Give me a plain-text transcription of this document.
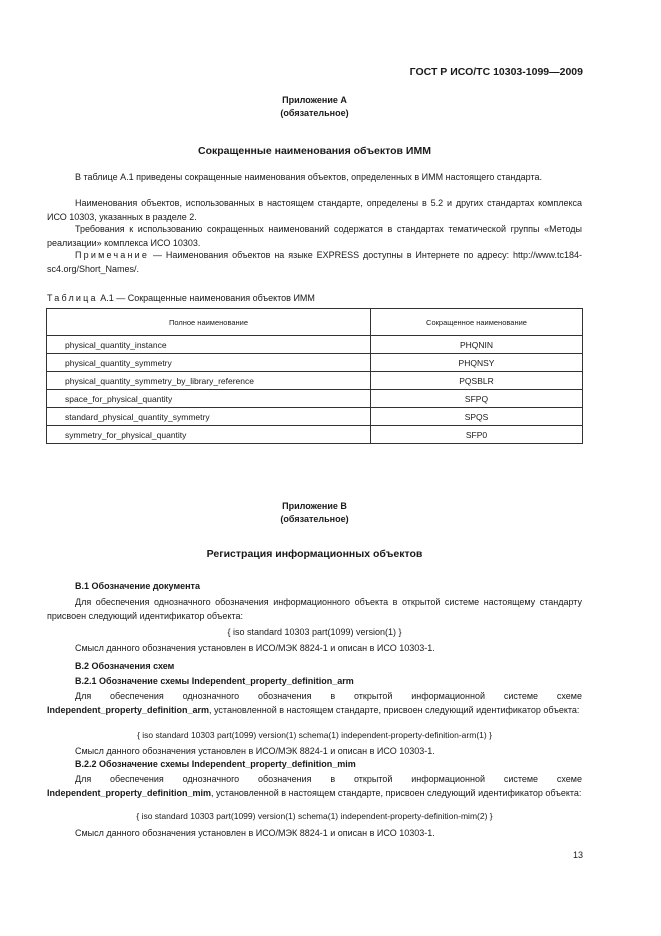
ГОСТ Р ИСО/ТС 10303-1099—2009
Приложение А
(обязательное)
Сокращенные наименования объектов ИММ
В таблице А.1 приведены сокращенные наименования объектов, определенных в ИММ настоящего стандарта.
Наименования объектов, использованных в настоящем стандарте, определены в 5.2 и других стандартах комплекса ИСО 10303, указанных в разделе 2.
Требования к использованию сокращенных наименований содержатся в стандартах тематической группы «Методы реализации» комплекса ИСО 10303.
Примечание — Наименования объектов на языке EXPRESS доступны в Интернете по адресу: http://www.tc184-sc4.org/Short_Names/.
Таблица А.1 — Сокращенные наименования объектов ИММ
Полное наименование	Сокращенное наименование
physical_quantity_instance	PHQNIN
physical_quantity_symmetry	PHQNSY
physical_quantity_symmetry_by_library_reference	PQSBLR
space_for_physical_quantity	SFPQ
standard_physical_quantity_symmetry	SPQS
symmetry_for_physical_quantity	SFP0
Приложение В
(обязательное)
Регистрация информационных объектов
В.1 Обозначение документа
Для обеспечения однозначного обозначения информационного объекта в открытой системе настоящему стандарту присвоен следующий идентификатор объекта:
{ iso standard 10303 part(1099) version(1) }
Смысл данного обозначения установлен в ИСО/МЭК 8824-1 и описан в ИСО 10303-1.
В.2 Обозначения схем
В.2.1 Обозначение схемы Independent_property_definition_arm
Для обеспечения однозначного обозначения в открытой информационной системе схеме Independent_property_definition_arm, установленной в настоящем стандарте, присвоен следующий идентификатор объекта:
{ iso standard 10303 part(1099) version(1) schema(1) independent-property-definition-arm(1) }
Смысл данного обозначения установлен в ИСО/МЭК 8824-1 и описан в ИСО 10303-1.
В.2.2 Обозначение схемы Independent_property_definition_mim
Для обеспечения однозначного обозначения в открытой информационной системе схеме Independent_property_definition_mim, установленной в настоящем стандарте, присвоен следующий идентификатор объекта:
{ iso standard 10303 part(1099) version(1) schema(1) independent-property-definition-mim(2) }
Смысл данного обозначения установлен в ИСО/МЭК 8824-1 и описан в ИСО 10303-1.
13
